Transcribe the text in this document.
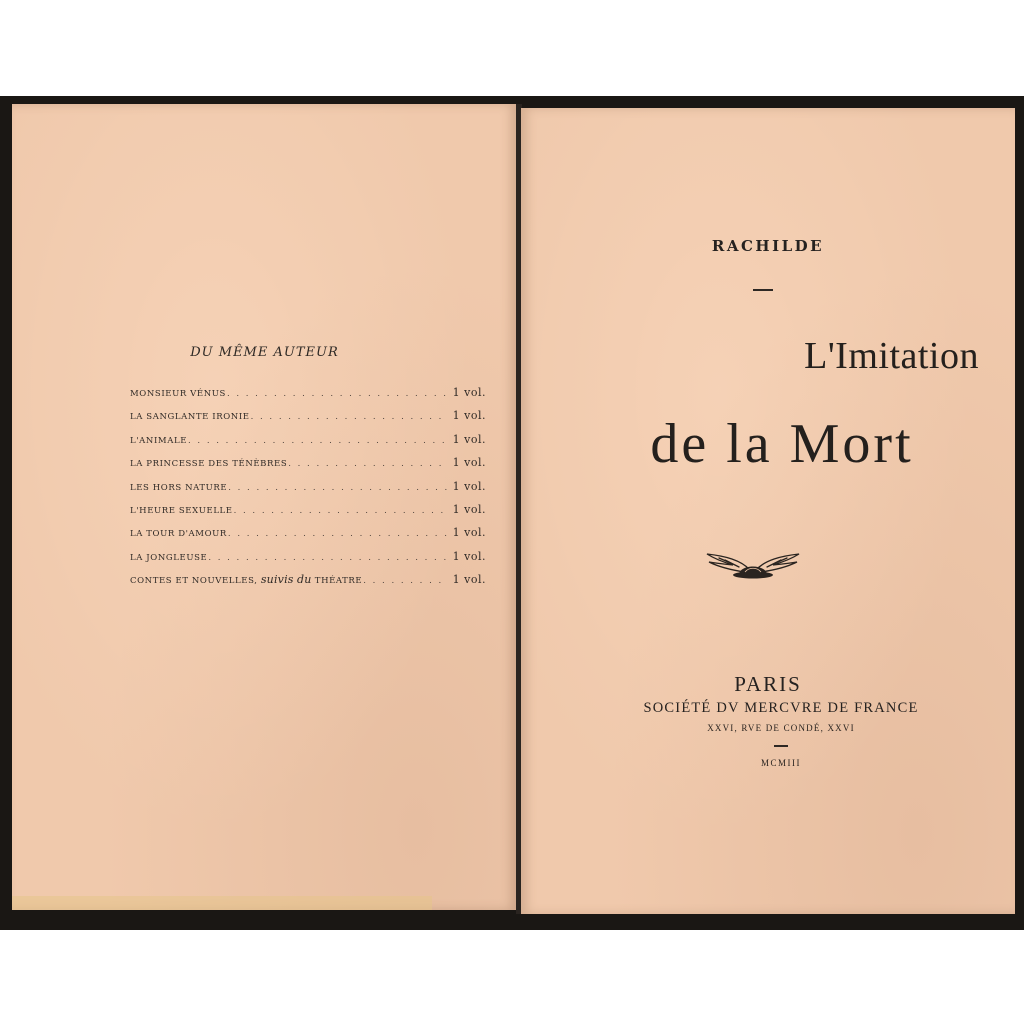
DU MÊME AUTEUR
MONSIEUR VÉNUS . . .	1 vol.
LA SANGLANTE IRONIE . . .	1 vol.
L'ANIMALE . . .	1 vol.
LA PRINCESSE DES TÉNÈBRES . . .	1 vol.
LES HORS NATURE . . .	1 vol.
L'HEURE SEXUELLE . . .	1 vol.
LA TOUR D'AMOUR . . .	1 vol.
LA JONGLEUSE . . .	1 vol.
CONTES ET NOUVELLES, suivis du THÉATRE . . .	1 vol.
RACHILDE
L'Imitation
de la Mort
PARIS
SOCIÉTÉ DV MERCVRE DE FRANCE
XXVI, RVE DE CONDÉ, XXVI
MCMIII
